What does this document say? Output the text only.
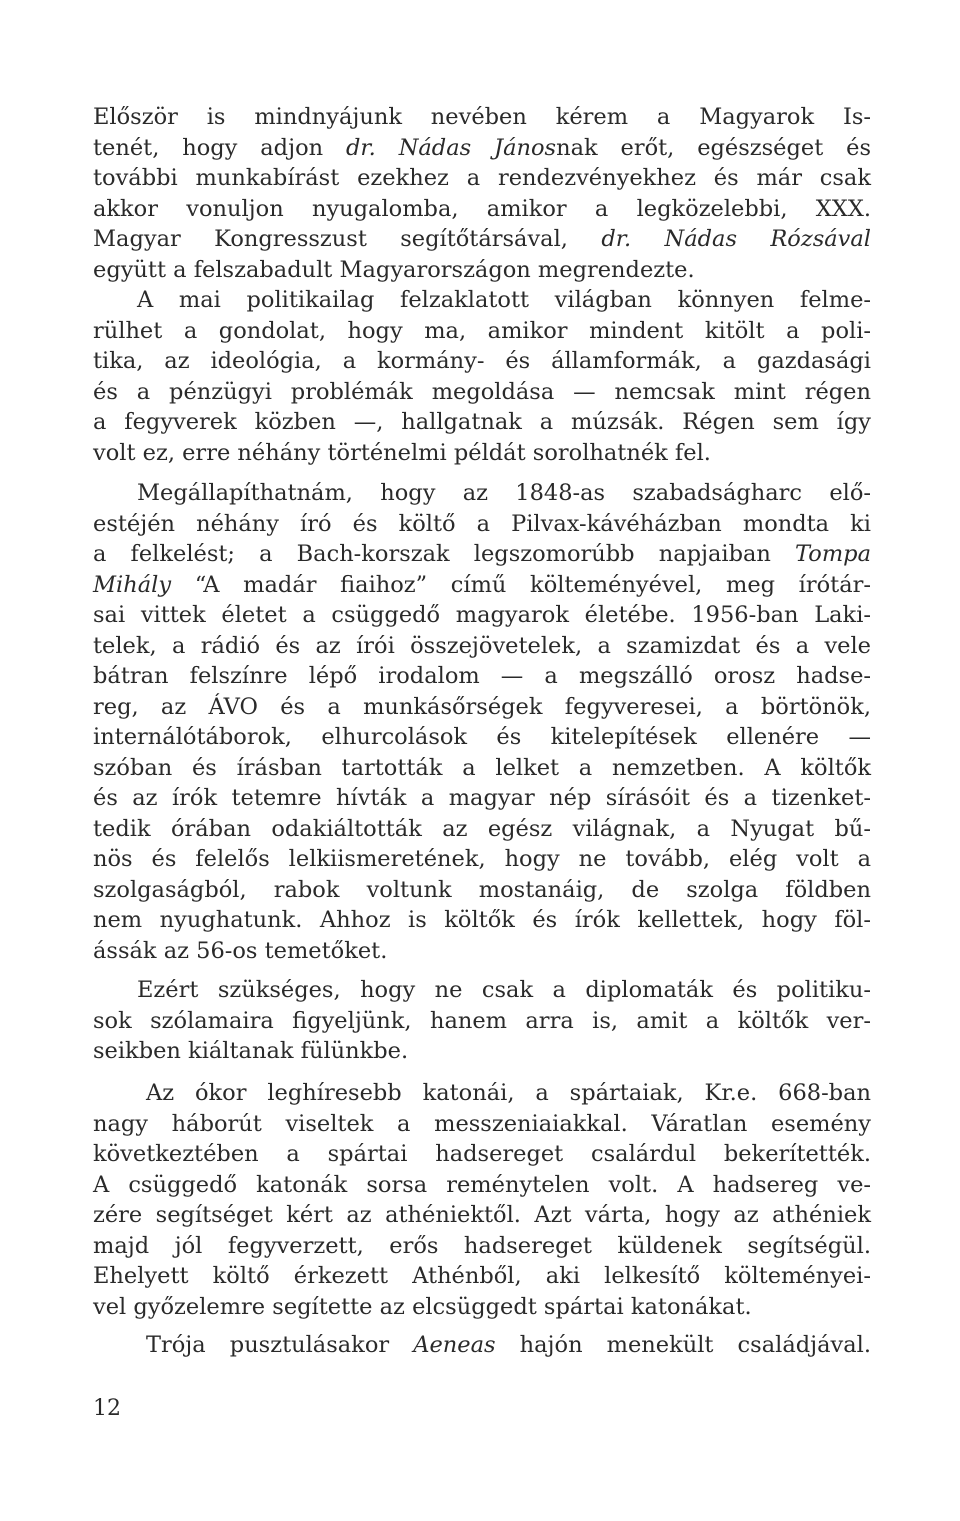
Először is mindnyájunk nevében kérem a Magyarok Is-
tenét, hogy adjon dr. Nádas Jánosnak erőt, egészséget és
további munkabírást ezekhez a rendezvényekhez és már csak
akkor vonuljon nyugalomba, amikor a legközelebbi, XXX.
Magyar Kongresszust segítőtársával, dr. Nádas Rózsával
együtt a felszabadult Magyarországon megrendezte.
A mai politikailag felzaklatott világban könnyen felme-
rülhet a gondolat, hogy ma, amikor mindent kitölt a poli-
tika, az ideológia, a kormány- és államformák, a gazdasági
és a pénzügyi problémák megoldása — nemcsak mint régen
a fegyverek közben —, hallgatnak a múzsák. Régen sem így
volt ez, erre néhány történelmi példát sorolhatnék fel.
Megállapíthatnám, hogy az 1848-as szabadságharc elő-
estéjén néhány író és költő a Pilvax-kávéházban mondta ki
a felkelést; a Bach-korszak legszomorúbb napjaiban Tompa
Mihály “A madár fiaihoz” című költeményével, meg írótár-
sai vittek életet a csüggedő magyarok életébe. 1956-ban Laki-
telek, a rádió és az írói összejövetelek, a szamizdat és a vele
bátran felszínre lépő irodalom — a megszálló orosz hadse-
reg, az ÁVO és a munkásőrségek fegyveresei, a börtönök,
internálótáborok, elhurcolások és kitelepítések ellenére —
szóban és írásban tartották a lelket a nemzetben. A költők
és az írók tetemre hívták a magyar nép sírásóit és a tizenket-
tedik órában odakiáltották az egész világnak, a Nyugat bű-
nös és felelős lelkiismeretének, hogy ne tovább, elég volt a
szolgaságból, rabok voltunk mostanáig, de szolga földben
nem nyughatunk. Ahhoz is költők és írók kellettek, hogy föl-
ássák az 56-os temetőket.
Ezért szükséges, hogy ne csak a diplomaták és politiku-
sok szólamaira figyeljünk, hanem arra is, amit a költők ver-
seikben kiáltanak fülünkbe.
Az ókor leghíresebb katonái, a spártaiak, Kr.e. 668-ban
nagy háborút viseltek a messzeniaiakkal. Váratlan esemény
következtében a spártai hadsereget csalárdul bekerítették.
A csüggedő katonák sorsa reménytelen volt. A hadsereg ve-
zére segítséget kért az athéniektől. Azt várta, hogy az athéniek
majd jól fegyverzett, erős hadsereget küldenek segítségül.
Ehelyett költő érkezett Athénből, aki lelkesítő költeményei-
vel győzelemre segítette az elcsüggedt spártai katonákat.
Trója pusztulásakor Aeneas hajón menekült családjával.
12
